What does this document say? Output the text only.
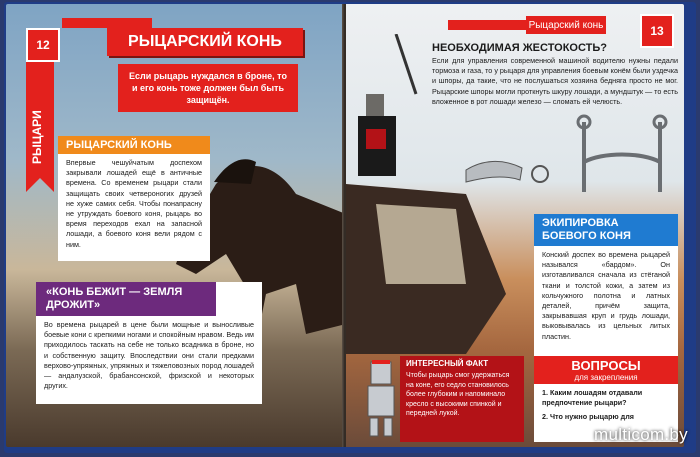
12
РЫЦАРИ
РЫЦАРСКИЙ КОНЬ
Если рыцарь нуждался в броне, то и его конь тоже должен был быть защищён.
РЫЦАРСКИЙ КОНЬ
Впервые чешуйчатым доспехом закрывали лошадей ещё в античные времена. Со временем рыцари стали защищать своих четвероногих друзей не хуже самих себя. Чтобы понапрасну не утруждать боевого коня, рыцарь во время переходов ехал на запасной лошади, а боевого коня вели рядом с ним.
«КОНЬ БЕЖИТ — ЗЕМЛЯ ДРОЖИТ»
Во времена рыцарей в цене были мощные и выносливые боевые кони с крепкими ногами и спокойным нравом. Ведь им приходилось таскать на себе не только всадника в броне, но и собственную защиту. Впоследствии они стали предками верхово-упряжных, упряжных и тяжеловозных пород лошадей — андалузской, брабансонской, фризской и некоторых других.
Рыцарский конь	13
НЕОБХОДИМАЯ ЖЕСТОКОСТЬ?
Если для управления современной машиной водителю нужны педали тормоза и газа, то у рыцаря для управления боевым конём были уздечка и шпоры, да такие, что не послушаться хозяина бедняга просто не мог. Рыцарские шпоры могли проткнуть шкуру лошади, а мундштук — то есть вложенное в рот лошади железо — сломать ей челюсть.
ЭКИПИРОВКА БОЕВОГО КОНЯ
Конский доспех во времена рыцарей назывался «бардом». Он изготавливался сначала из стёганой ткани и толстой кожи, а затем из кольчужного полотна и латных деталей, причём защита, закрывавшая круп и грудь лошади, выковывалась из цельных литых пластин.
ИНТЕРЕСНЫЙ ФАКТ
Чтобы рыцарь смог удержаться на коне, его седло становилось более глубоким и напоминало кресло с высокими спинкой и передней лукой.
ВОПРОСЫ
для закрепления
1. Каким лошадям отдавали предпочтение рыцари?
2. Что нужно рыцарю для
multicom.by
